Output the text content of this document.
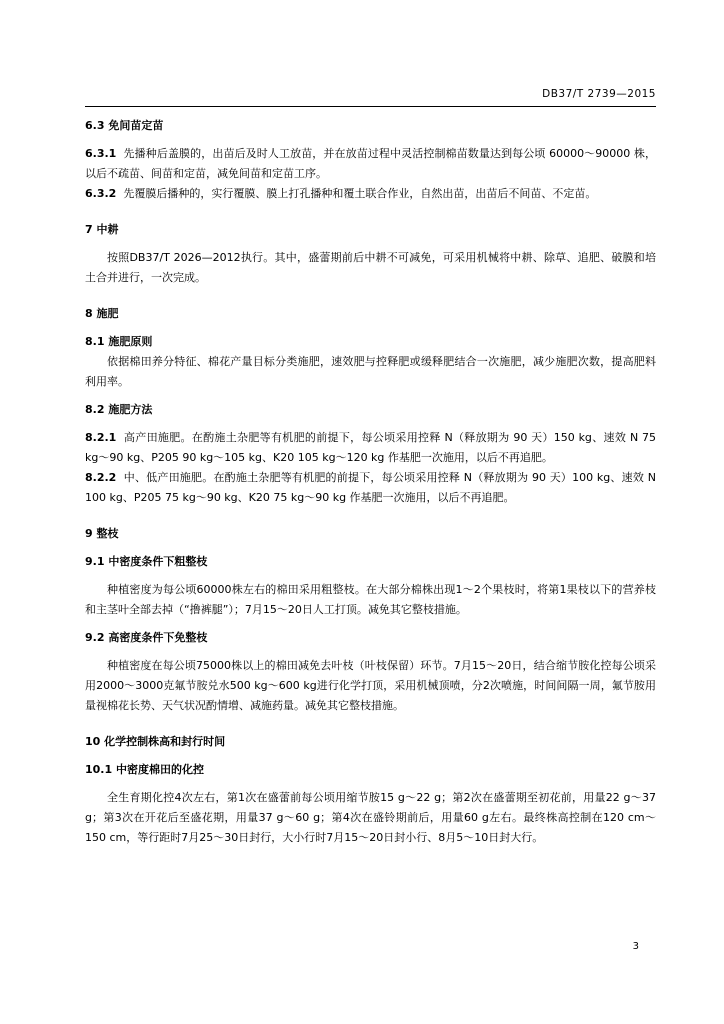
DB37/T 2739—2015

6.3 免间苗定苗

6.3.1 先播种后盖膜的，出苗后及时人工放苗，并在放苗过程中灵活控制棉苗数量达到每公顷 60000～90000 株，以后不疏苗、间苗和定苗，减免间苗和定苗工序。

6.3.2 先覆膜后播种的，实行覆膜、膜上打孔播种和覆土联合作业，自然出苗，出苗后不间苗、不定苗。

7 中耕

按照DB37/T 2026—2012执行。其中，盛蕾期前后中耕不可减免，可采用机械将中耕、除草、追肥、破膜和培土合并进行，一次完成。

8 施肥

8.1 施肥原则

依据棉田养分特征、棉花产量目标分类施肥，速效肥与控释肥或缓释肥结合一次施肥，减少施肥次数，提高肥料利用率。

8.2 施肥方法

8.2.1 高产田施肥。在酌施土杂肥等有机肥的前提下，每公顷采用控释 N（释放期为 90 天）150 kg、速效 N 75 kg～90 kg、P205 90 kg～105 kg、K20 105 kg～120 kg 作基肥一次施用，以后不再追肥。

8.2.2 中、低产田施肥。在酌施土杂肥等有机肥的前提下，每公顷采用控释 N（释放期为 90 天）100 kg、速效 N 100 kg、P205 75 kg～90 kg、K20 75 kg～90 kg 作基肥一次施用，以后不再追肥。

9 整枝

9.1 中密度条件下粗整枝

种植密度为每公顷60000株左右的棉田采用粗整枝。在大部分棉株出现1～2个果枝时，将第1果枝以下的营养枝和主茎叶全部去掉（“撸裤腿”）；7月15～20日人工打顶。减免其它整枝措施。

9.2 高密度条件下免整枝

种植密度在每公顷75000株以上的棉田减免去叶枝（叶枝保留）环节。7月15～20日，结合缩节胺化控每公顷采用2000～3000克氟节胺兑水500 kg～600 kg进行化学打顶，采用机械顶喷，分2次喷施，时间间隔一周，氟节胺用量视棉花长势、天气状况酌情增、减施药量。减免其它整枝措施。

10 化学控制株高和封行时间

10.1 中密度棉田的化控

全生育期化控4次左右，第1次在盛蕾前每公顷用缩节胺15 g～22 g；第2次在盛蕾期至初花前，用量22 g～37 g；第3次在开花后至盛花期，用量37 g～60 g；第4次在盛铃期前后，用量60 g左右。最终株高控制在120 cm～150 cm，等行距时7月25～30日封行，大小行时7月15～20日封小行、8月5～10日封大行。

3
